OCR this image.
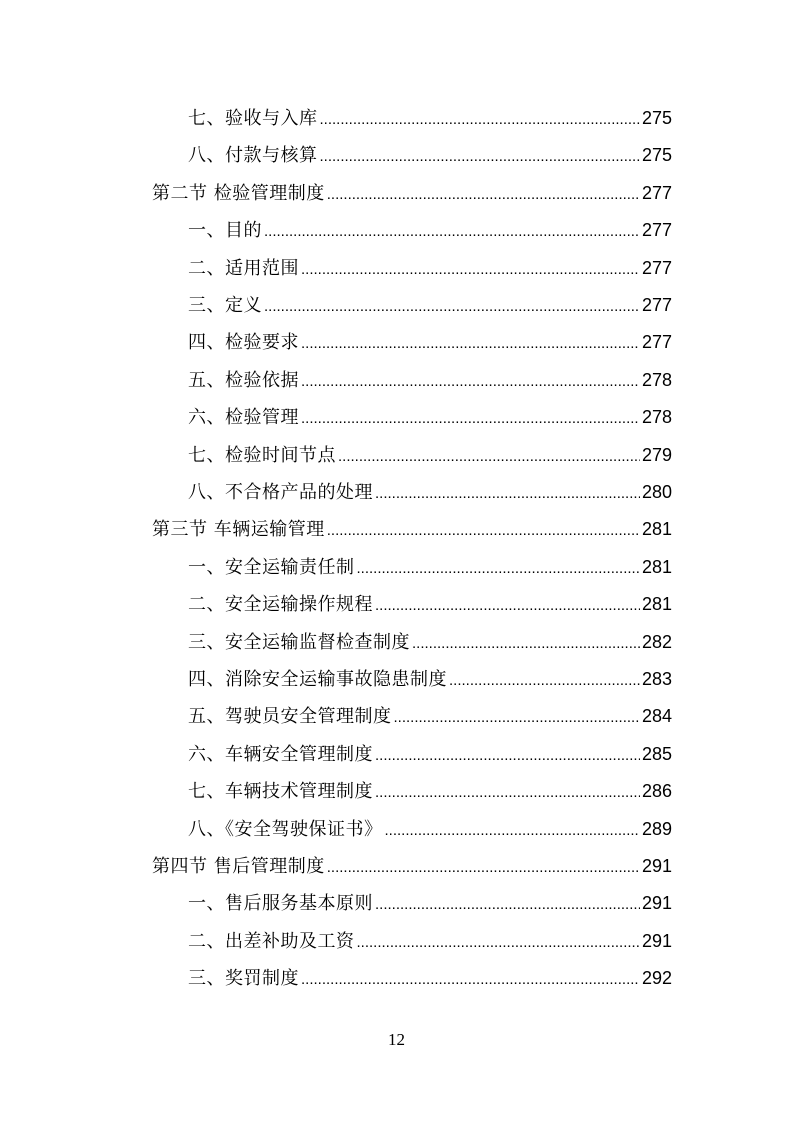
七、验收与入库 .....	275
八、付款与核算 .....	275
第二节 检验管理制度 .....	277
一、目的 .....	277
二、适用范围 .....	277
三、定义 .....	277
四、检验要求 .....	277
五、检验依据 .....	278
六、检验管理 .....	278
七、检验时间节点 .....	279
八、不合格产品的处理 .....	280
第三节 车辆运输管理 .....	281
一、安全运输责任制 .....	281
二、安全运输操作规程 .....	281
三、安全运输监督检查制度 .....	282
四、消除安全运输事故隐患制度 .....	283
五、驾驶员安全管理制度 .....	284
六、车辆安全管理制度 .....	285
七、车辆技术管理制度 .....	286
八、《安全驾驶保证书》 .....	289
第四节 售后管理制度 .....	291
一、售后服务基本原则 .....	291
二、出差补助及工资 .....	291
三、奖罚制度 .....	292
12
